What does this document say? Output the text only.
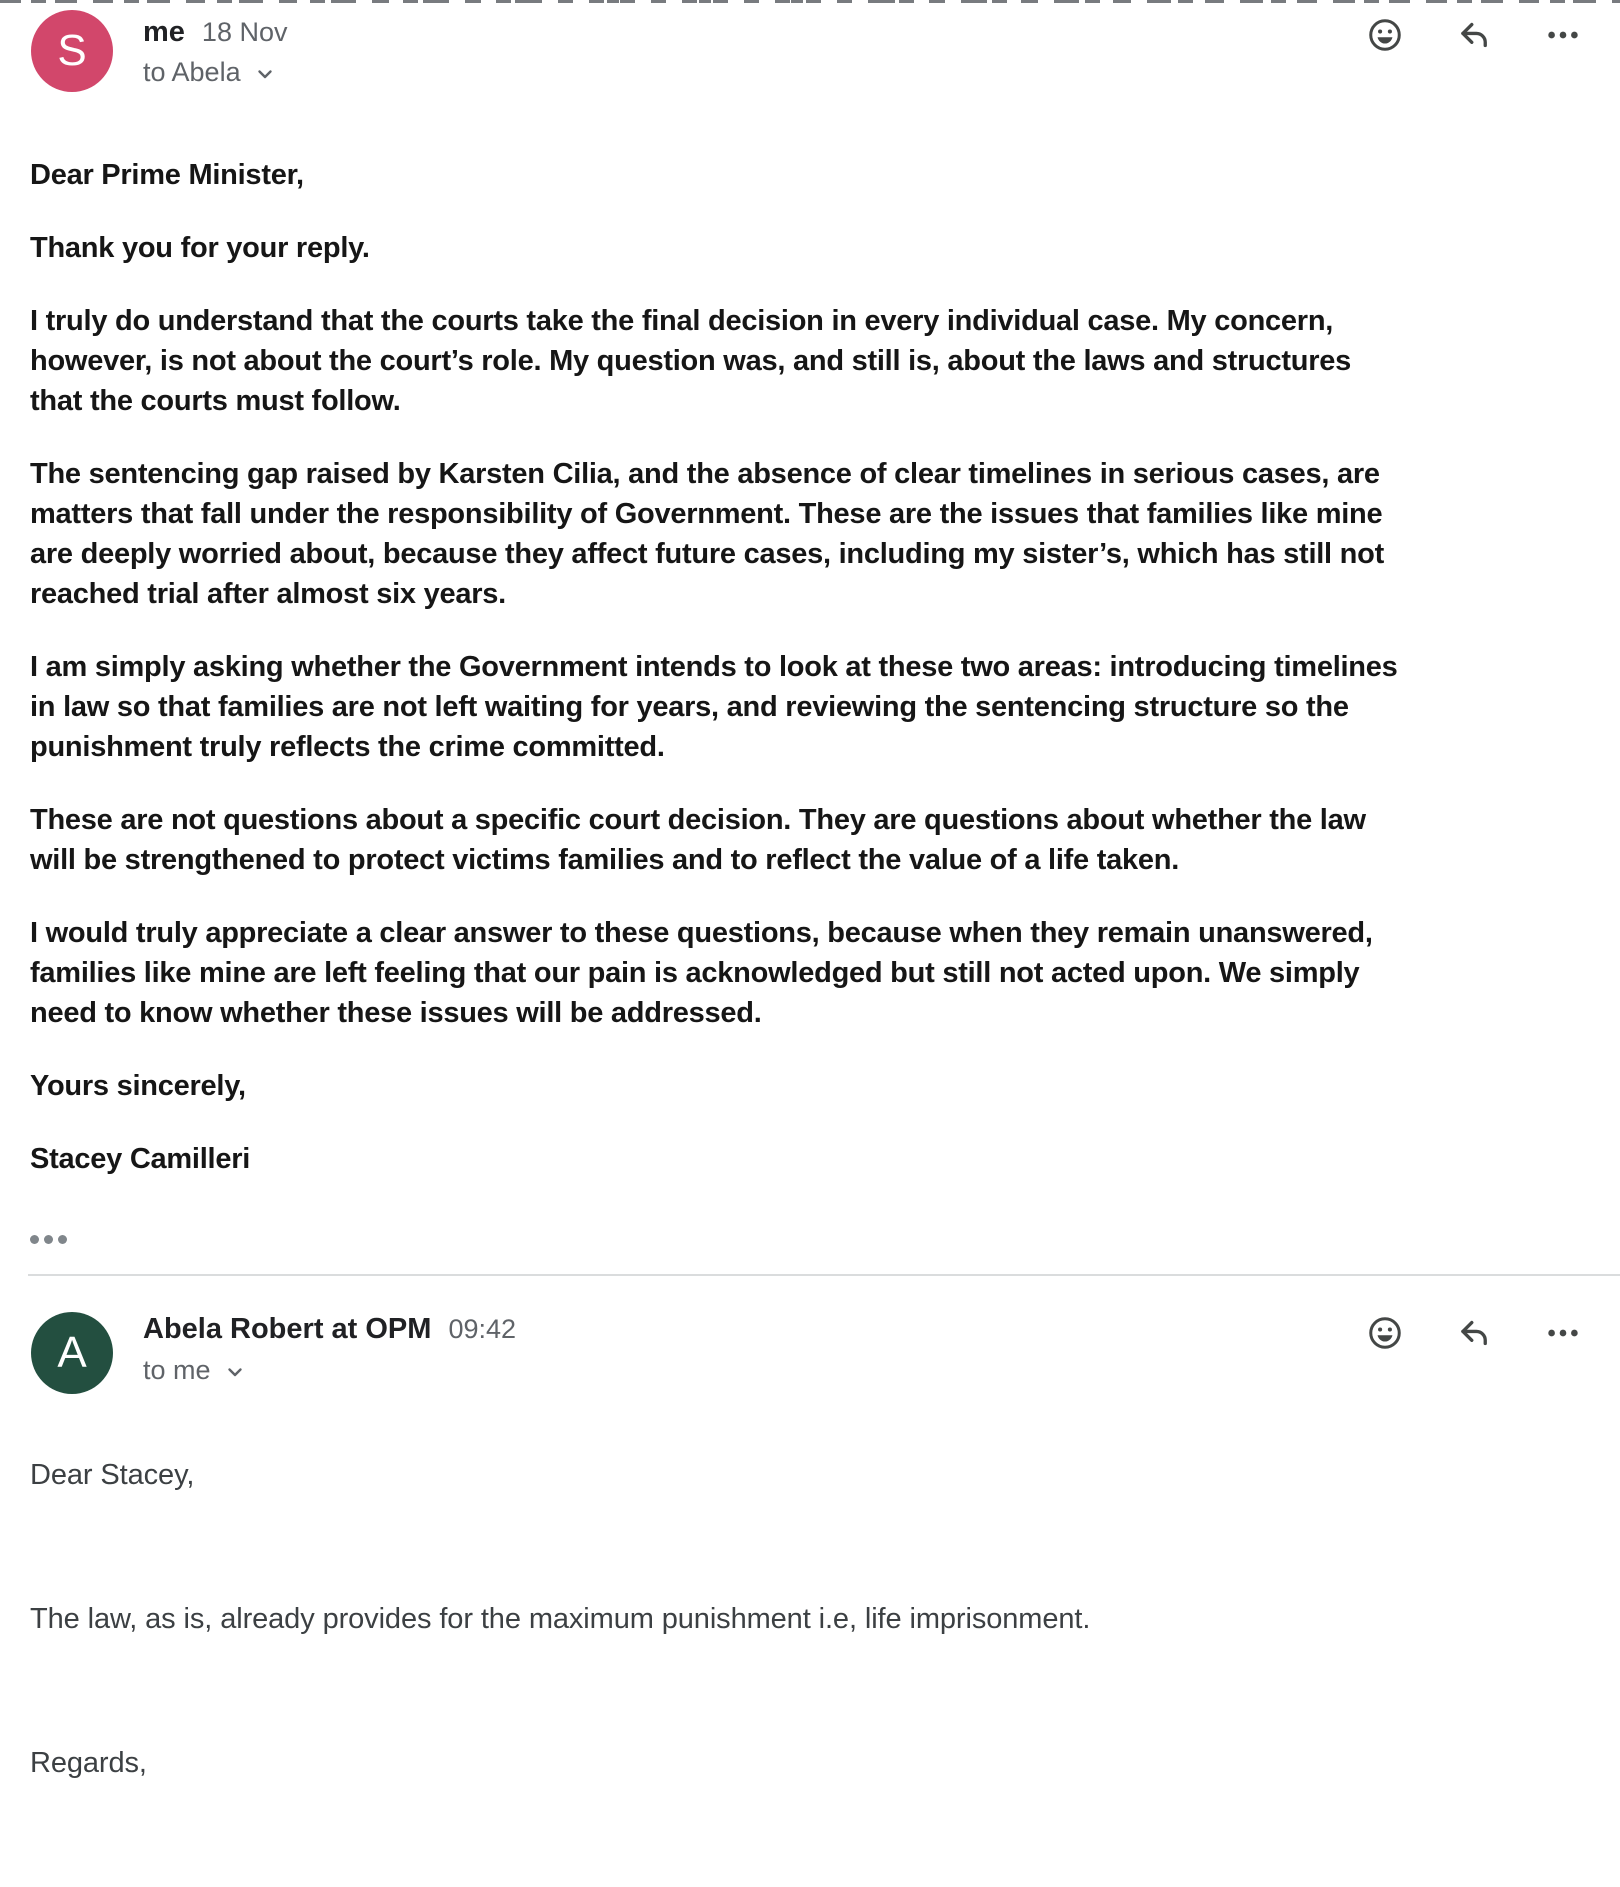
S	me 18 Nov
to Abela

Dear Prime Minister,

Thank you for your reply.

I truly do understand that the courts take the final decision in every individual case. My concern, however, is not about the court’s role. My question was, and still is, about the laws and structures that the courts must follow.

The sentencing gap raised by Karsten Cilia, and the absence of clear timelines in serious cases, are matters that fall under the responsibility of Government. These are the issues that families like mine are deeply worried about, because they affect future cases, including my sister’s, which has still not reached trial after almost six years.

I am simply asking whether the Government intends to look at these two areas: introducing timelines in law so that families are not left waiting for years, and reviewing the sentencing structure so the punishment truly reflects the crime committed.

These are not questions about a specific court decision. They are questions about whether the law will be strengthened to protect victims families and to reflect the value of a life taken.

I would truly appreciate a clear answer to these questions, because when they remain unanswered, families like mine are left feeling that our pain is acknowledged but still not acted upon. We simply need to know whether these issues will be addressed.

Yours sincerely,

Stacey Camilleri

A	Abela Robert at OPM 09:42
to me

Dear Stacey,

The law, as is, already provides for the maximum punishment i.e, life imprisonment.

Regards,
